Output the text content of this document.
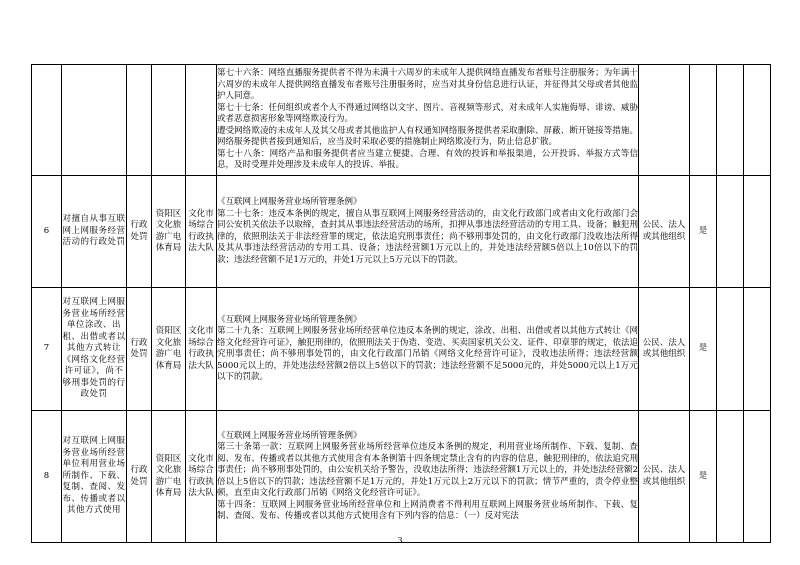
					第七十六条：网络直播服务提供者不得为未满十六周岁的未成年人提供网络直播发布者账号注册服务；为年满十六周岁的未成年人提供网络直播发布者账号注册服务时，应当对其身份信息进行认证，并征得其父母或者其他监护人同意。

第七十七条：任何组织或者个人不得通过网络以文字、图片、音视频等形式，对未成年人实施侮辱、诽谤、威胁或者恶意损害形象等网络欺凌行为。

遭受网络欺凌的未成年人及其父母或者其他监护人有权通知网络服务提供者采取删除、屏蔽、断开链接等措施。网络服务提供者接到通知后，应当及时采取必要的措施制止网络欺凌行为，防止信息扩散。

第七十八条：网络产品和服务提供者应当建立便捷、合理、有效的投诉和举报渠道，公开投诉、举报方式等信息，及时受理并处理涉及未成年人的投诉、举报。				

6	对擅自从事互联网上网服务经营活动的行政处罚	行政处罚	资阳区文化旅游广电体育局	文化市场综合行政执法大队	《互联网上网服务营业场所管理条例》

第二十七条：违反本条例的规定，擅自从事互联网上网服务经营活动的，由文化行政部门或者由文化行政部门会同公安机关依法予以取缔，查封其从事违法经营活动的场所，扣押从事违法经营活动的专用工具、设备；触犯刑律的，依照刑法关于非法经营罪的规定，依法追究刑事责任；尚不够刑事处罚的，由文化行政部门没收违法所得及其从事违法经营活动的专用工具、设备；违法经营额1万元以上的，并处违法经营额5倍以上10倍以下的罚款；违法经营额不足1万元的，并处1万元以上5万元以下的罚款。	公民、法人或其他组织	是		
7	对互联网上网服务营业场所经营单位涂改、出租、出借或者以其他方式转让《网络文化经营许可证》，尚不够刑事处罚的行政处罚	行政处罚	资阳区文化旅游广电体育局	文化市场综合行政执法大队	《互联网上网服务营业场所管理条例》

第二十九条：互联网上网服务营业场所经营单位违反本条例的规定，涂改、出租、出借或者以其他方式转让《网络文化经营许可证》，触犯刑律的，依照刑法关于伪造、变造、买卖国家机关公文、证件、印章罪的规定，依法追究刑事责任；尚不够刑事处罚的，由文化行政部门吊销《网络文化经营许可证》，没收违法所得；违法经营额5000元以上的，并处违法经营额2倍以上5倍以下的罚款；违法经营额不足5000元的，并处5000元以上1万元以下的罚款。	公民、法人或其他组织	是		
8	对互联网上网服务营业场所经营单位利用营业场所制作、下载、复制、查阅、发布、传播或者以其他方式使用	行政处罚	资阳区文化旅游广电体育局	文化市场综合行政执法大队	《互联网上网服务营业场所管理条例》

第三十条第一款：互联网上网服务营业场所经营单位违反本条例的规定，利用营业场所制作、下载、复制、查阅、发布、传播或者以其他方式使用含有本条例第十四条规定禁止含有的内容的信息，触犯刑律的，依法追究刑事责任；尚不够刑事处罚的，由公安机关给予警告，没收违法所得；违法经营额1万元以上的，并处违法经营额2倍以上5倍以下的罚款；违法经营额不足1万元的，并处1万元以上2万元以下的罚款；情节严重的，责令停业整顿，直至由文化行政部门吊销《网络文化经营许可证》。

第十四条：互联网上网服务营业场所经营单位和上网消费者不得利用互联网上网服务营业场所制作、下载、复制、查阅、发布、传播或者以其他方式使用含有下列内容的信息：（一）反对宪法	公民、法人或其他组织	是		
3
